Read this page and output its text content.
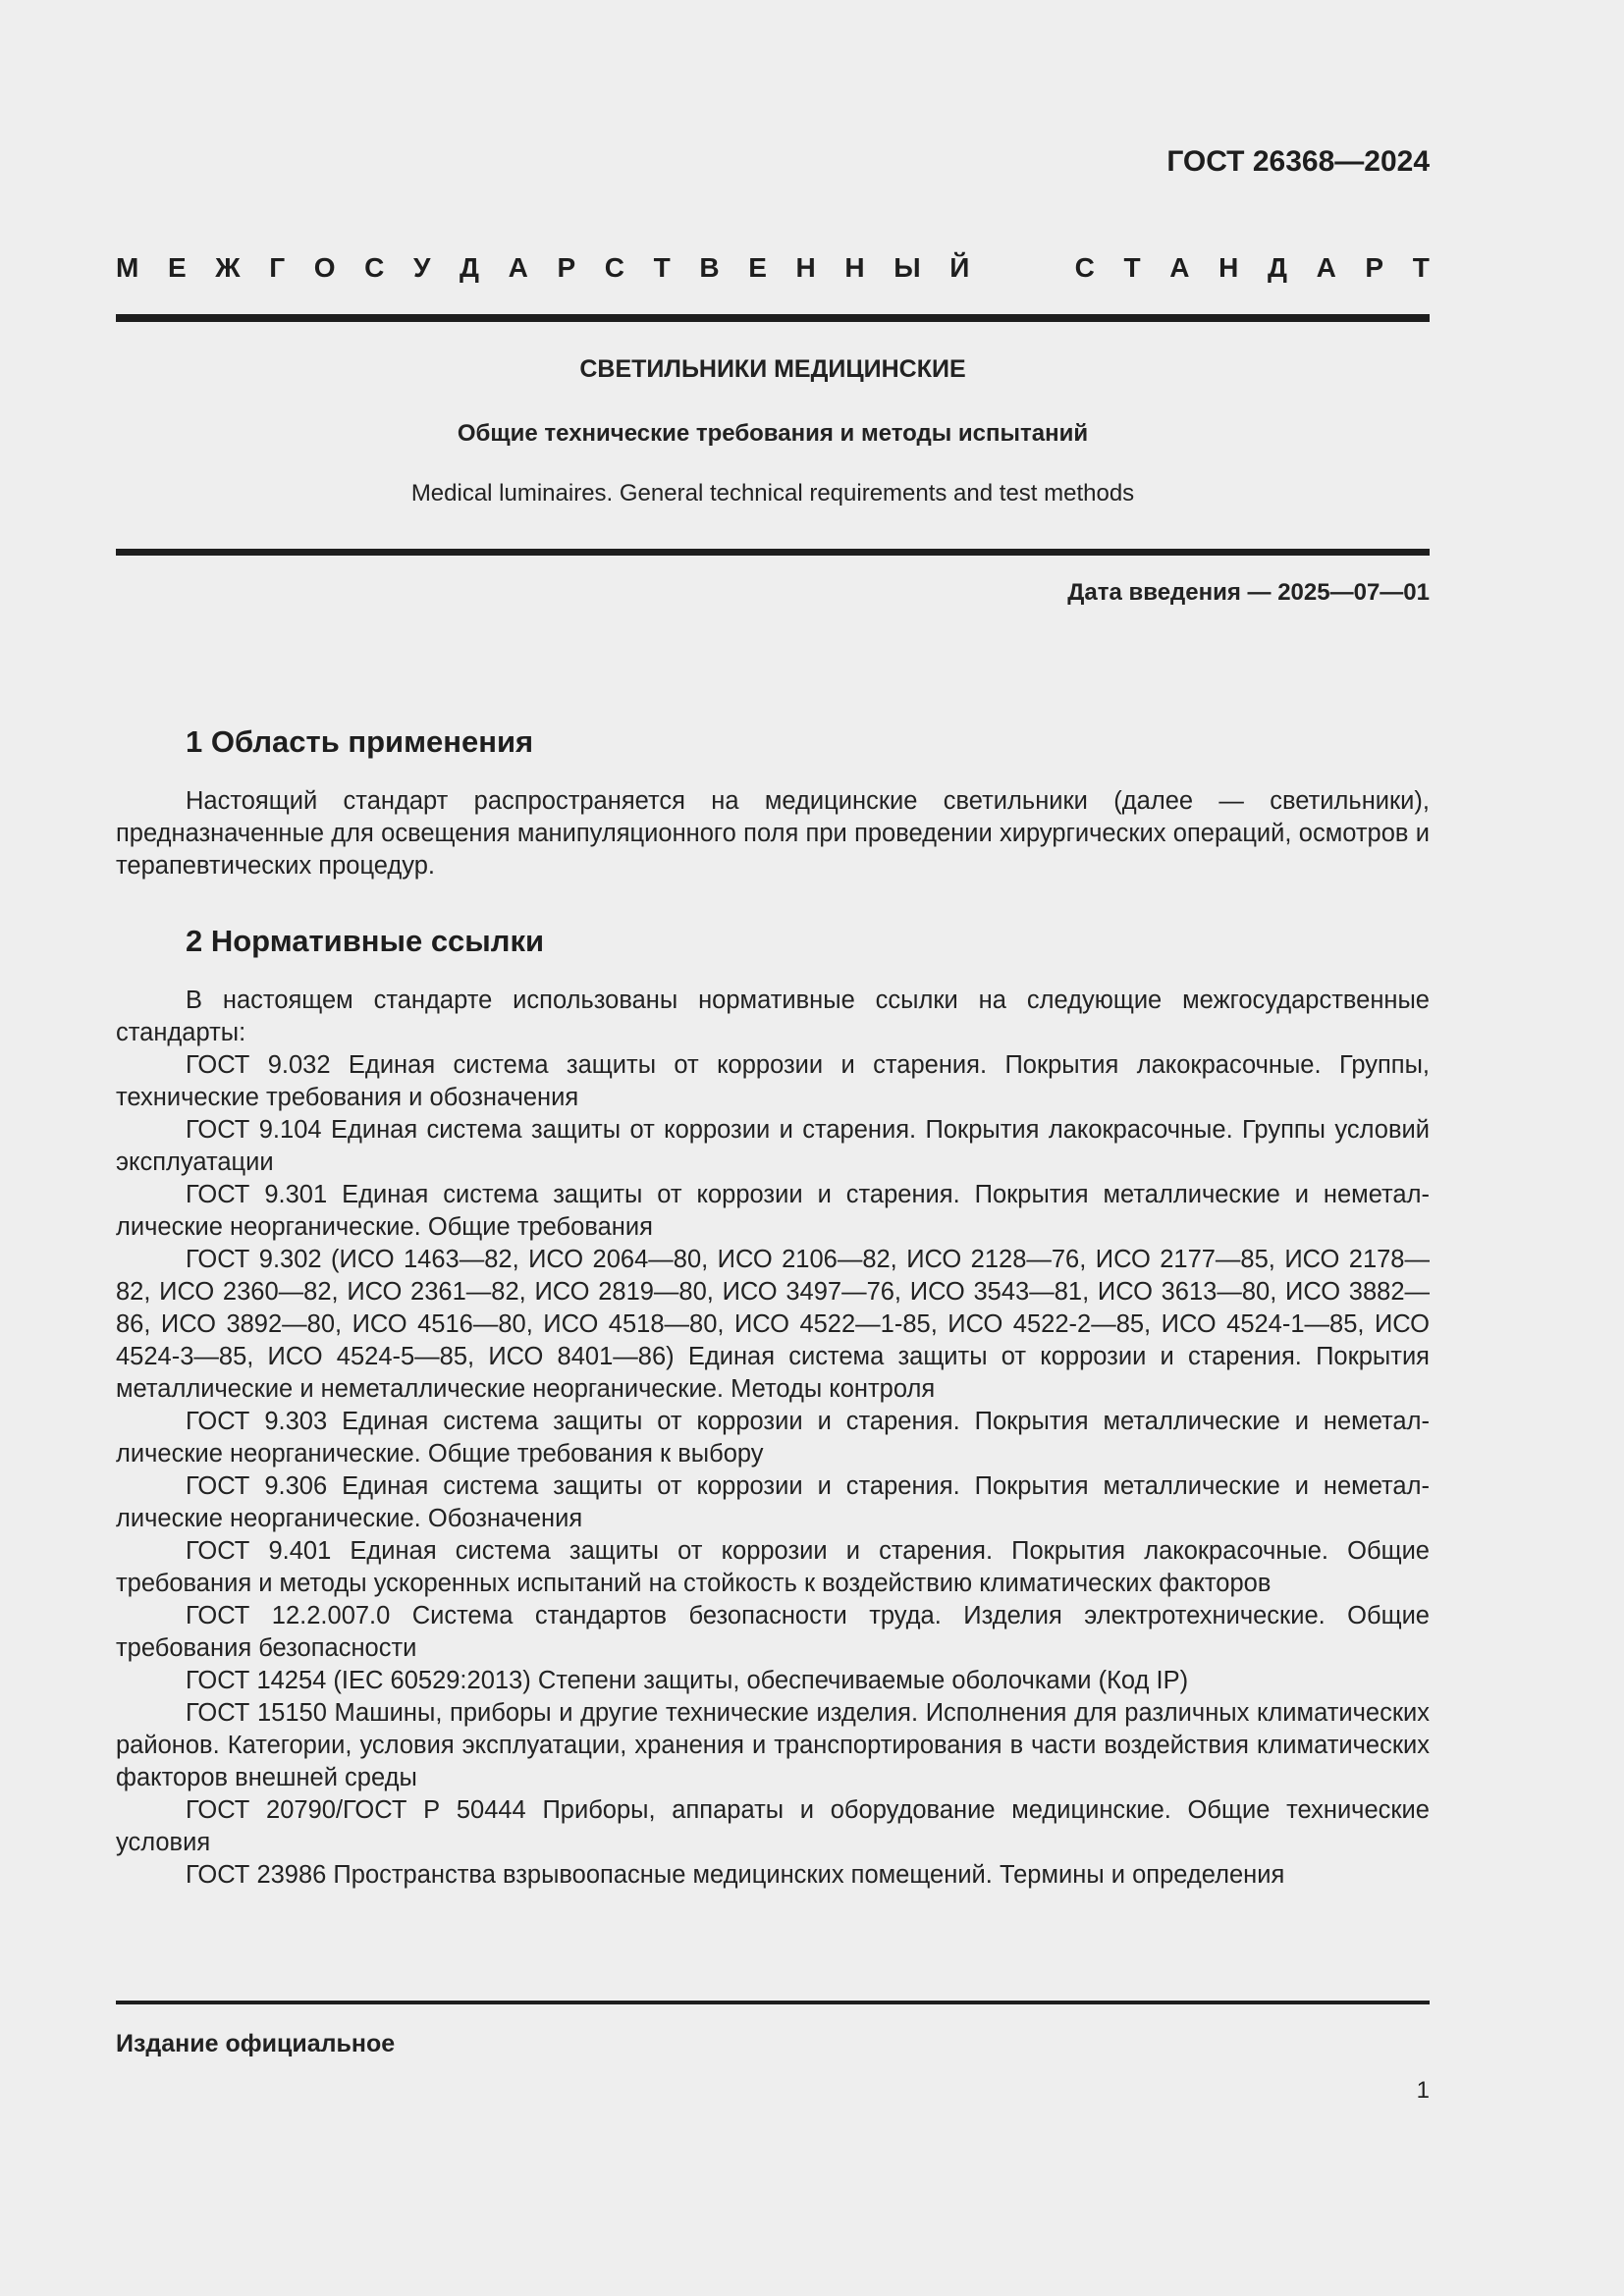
ГОСТ 26368—2024
М Е Ж Г О С У Д А Р С Т В Е Н Н Ы Й	С Т А Н Д А Р Т
СВЕТИЛЬНИКИ МЕДИЦИНСКИЕ
Общие технические требования и методы испытаний
Medical luminaires. General technical requirements and test methods
Дата введения — 2025—07—01
1 Область применения

Настоящий стандарт распространяется на медицинские светильники (далее — светильники), предназначенные для освещения манипуляционного поля при проведении хирургических операций, осмотров и терапевтических процедур.

2 Нормативные ссылки

В настоящем стандарте использованы нормативные ссылки на следующие межгосударственные стандарты:

ГОСТ 9.032 Единая система защиты от коррозии и старения. Покрытия лакокрасочные. Группы, технические требования и обозначения

ГОСТ 9.104 Единая система защиты от коррозии и старения. Покрытия лакокрасочные. Группы условий эксплуатации

ГОСТ 9.301 Единая система защиты от коррозии и старения. Покрытия металлические и неметаллические неорганические. Общие требования

ГОСТ 9.302 (ИСО 1463—82, ИСО 2064—80, ИСО 2106—82, ИСО 2128—76, ИСО 2177—85, ИСО 2178—82, ИСО 2360—82, ИСО 2361—82, ИСО 2819—80, ИСО 3497—76, ИСО 3543—81, ИСО 3613—80, ИСО 3882—86, ИСО 3892—80, ИСО 4516—80, ИСО 4518—80, ИСО 4522—1-85, ИСО 4522-2—85, ИСО 4524-1—85, ИСО 4524-3—85, ИСО 4524-5—85, ИСО 8401—86) Единая система защиты от коррозии и старения. Покрытия металлические и неметаллические неорганические. Методы контроля

ГОСТ 9.303 Единая система защиты от коррозии и старения. Покрытия металлические и неметаллические неорганические. Общие требования к выбору

ГОСТ 9.306 Единая система защиты от коррозии и старения. Покрытия металлические и неметаллические неорганические. Обозначения

ГОСТ 9.401 Единая система защиты от коррозии и старения. Покрытия лакокрасочные. Общие требования и методы ускоренных испытаний на стойкость к воздействию климатических факторов

ГОСТ 12.2.007.0 Система стандартов безопасности труда. Изделия электротехнические. Общие требования безопасности

ГОСТ 14254 (IEC 60529:2013) Степени защиты, обеспечиваемые оболочками (Код IP)

ГОСТ 15150 Машины, приборы и другие технические изделия. Исполнения для различных климатических районов. Категории, условия эксплуатации, хранения и транспортирования в части воздействия климатических факторов внешней среды

ГОСТ 20790/ГОСТ Р 50444 Приборы, аппараты и оборудование медицинские. Общие технические условия

ГОСТ 23986 Пространства взрывоопасные медицинских помещений. Термины и определения

Издание официальное
1
